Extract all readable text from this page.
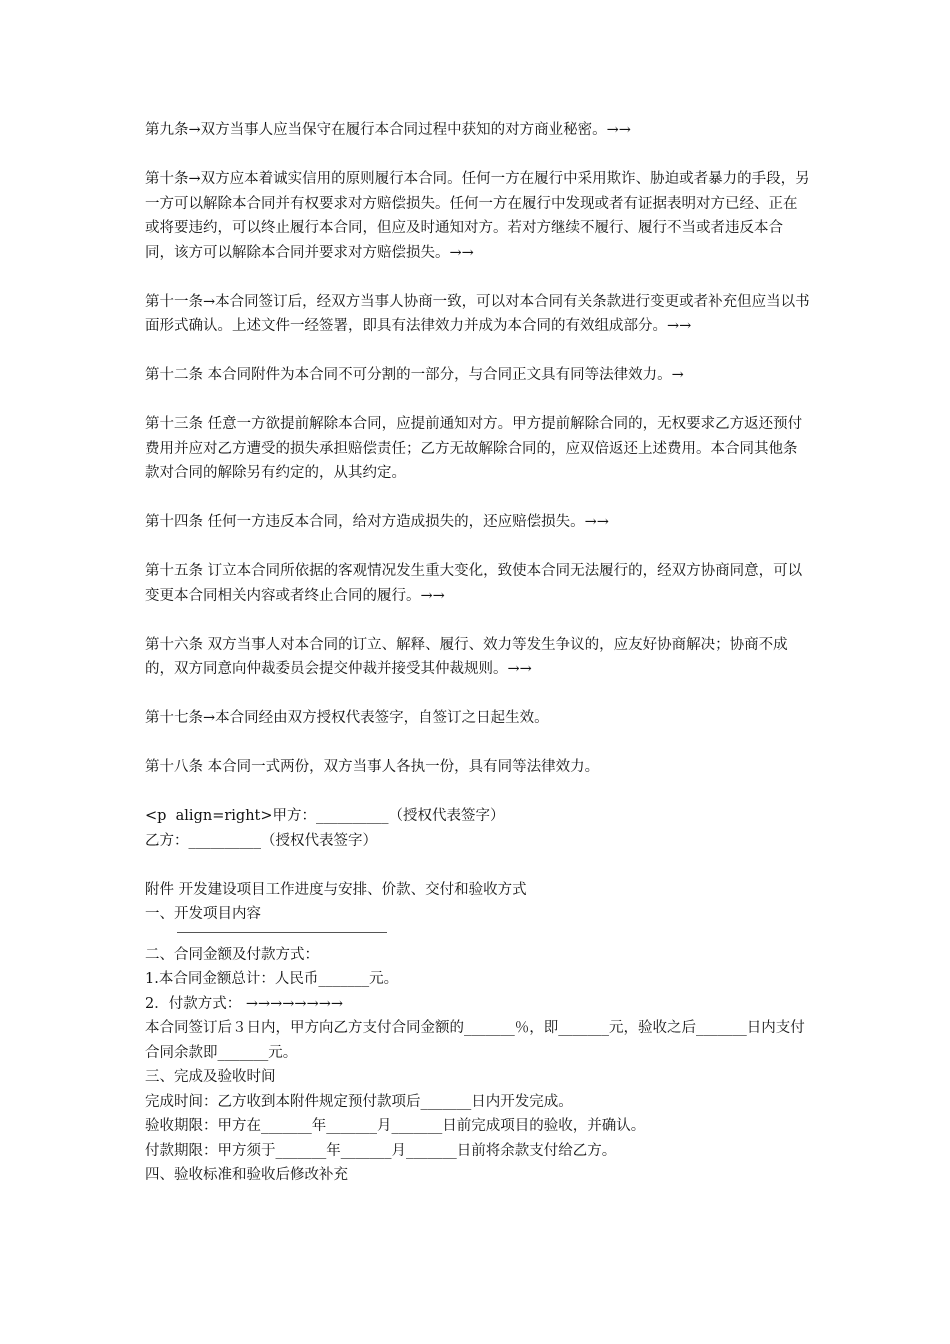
第九条→双方当事人应当保守在履行本合同过程中获知的对方商业秘密。→→

第十条→双方应本着诚实信用的原则履行本合同。任何一方在履行中采用欺诈、胁迫或者暴力的手段，另一方可以解除本合同并有权要求对方赔偿损失。任何一方在履行中发现或者有证据表明对方已经、正在或将要违约，可以终止履行本合同，但应及时通知对方。若对方继续不履行、履行不当或者违反本合同，该方可以解除本合同并要求对方赔偿损失。→→

第十一条→本合同签订后，经双方当事人协商一致，可以对本合同有关条款进行变更或者补充但应当以书面形式确认。上述文件一经签署，即具有法律效力并成为本合同的有效组成部分。→→

第十二条 本合同附件为本合同不可分割的一部分，与合同正文具有同等法律效力。→

第十三条 任意一方欲提前解除本合同，应提前通知对方。甲方提前解除合同的，无权要求乙方返还预付费用并应对乙方遭受的损失承担赔偿责任；乙方无故解除合同的，应双倍返还上述费用。本合同其他条款对合同的解除另有约定的，从其约定。

第十四条 任何一方违反本合同，给对方造成损失的，还应赔偿损失。→→

第十五条 订立本合同所依据的客观情况发生重大变化，致使本合同无法履行的，经双方协商同意，可以变更本合同相关内容或者终止合同的履行。→→

第十六条 双方当事人对本合同的订立、解释、履行、效力等发生争议的，应友好协商解决；协商不成的，双方同意向仲裁委员会提交仲裁并接受其仲裁规则。→→

第十七条→本合同经由双方授权代表签字，自签订之日起生效。

第十八条 本合同一式两份，双方当事人各执一份，具有同等法律效力。

<p  align=right>甲方：__________（授权代表签字）

乙方：__________（授权代表签字）

附件 开发建设项目工作进度与安排、价款、交付和验收方式

一、开发项目内容

二、合同金额及付款方式：

1.本合同金额总计：人民币_______元。

2．付款方式： →→→→→→→→

本合同签订后３日内，甲方向乙方支付合同金额的_______％，即_______元，验收之后_______日内支付合同余款即_______元。

三、完成及验收时间

完成时间：乙方收到本附件规定预付款项后_______日内开发完成。

验收期限：甲方在_______年_______月_______日前完成项目的验收，并确认。

付款期限：甲方须于_______年_______月_______日前将余款支付给乙方。

四、验收标准和验收后修改补充
